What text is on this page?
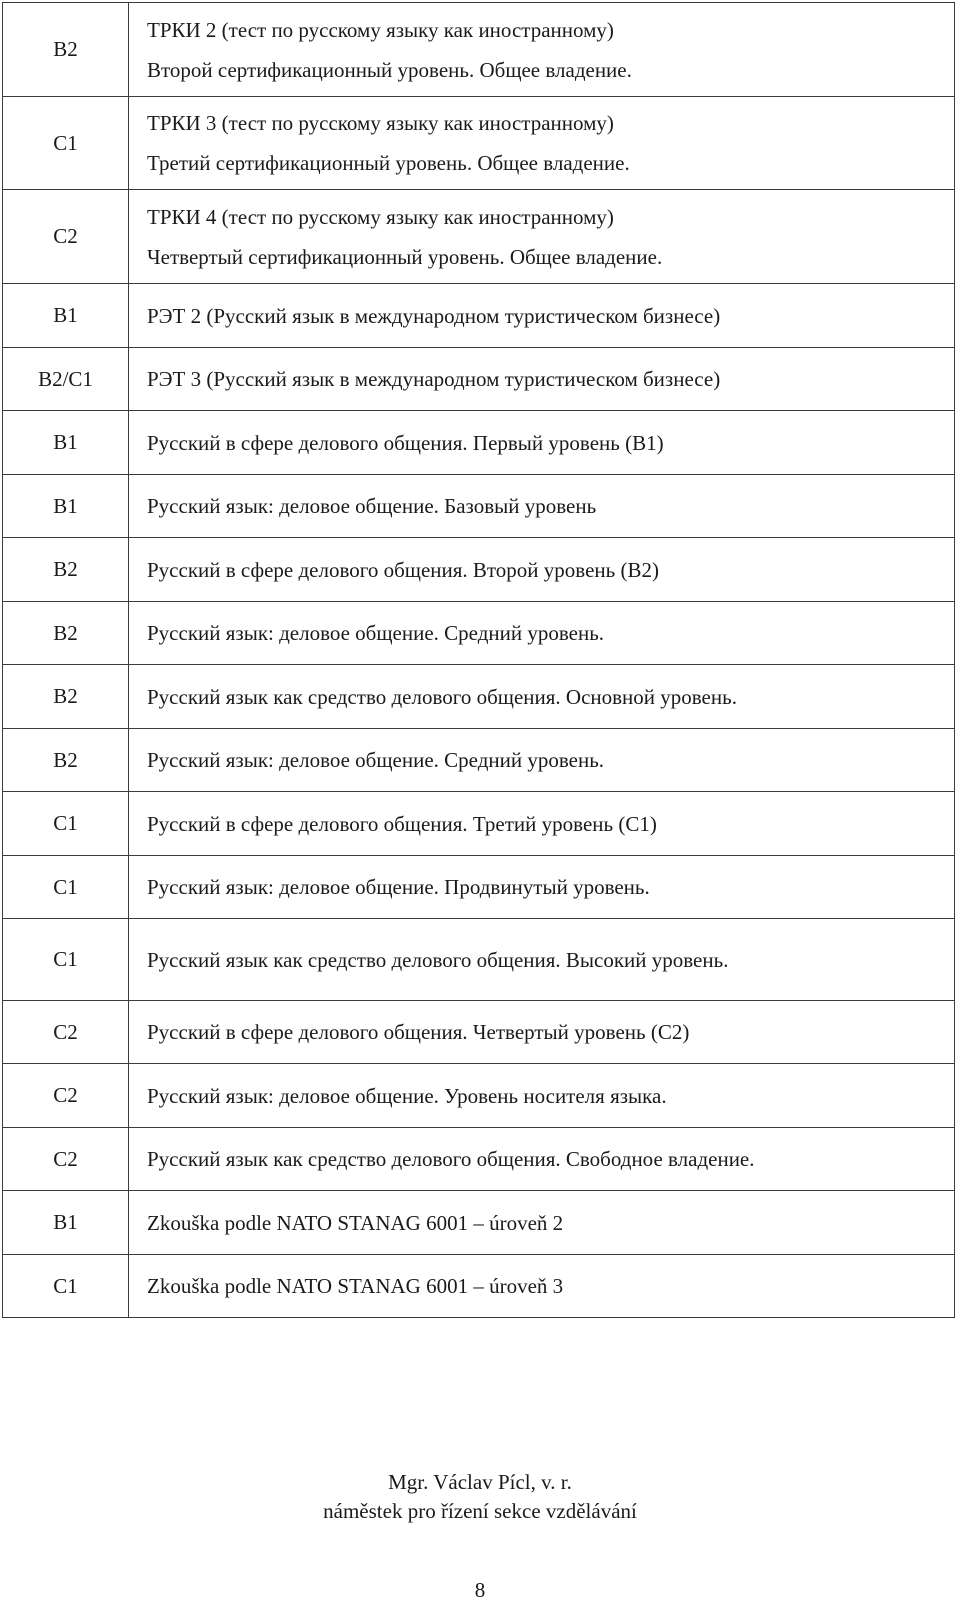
B2	ТРКИ 2 (тест по русскому языку как иностранному)
Второй сертификационный уровень. Общее владение.

C1	ТРКИ 3 (тест по русскому языку как иностранному)
Третий сертификационный уровень. Общее владение.

C2	ТРКИ 4 (тест по русскому языку как иностранному)
Четвертый сертификационный уровень. Общее владение.

B1	РЭТ 2 (Русский язык в международном туристическом бизнесе)

B2/C1	РЭТ 3 (Русский язык в международном туристическом бизнесе)

B1	Русский в сфере делового общения. Первый уровень (B1)

B1	Русский язык: деловое общение. Базовый уровень

B2	Русский в сфере делового общения. Второй уровень (B2)

B2	Русский язык: деловое общение. Средний уровень.

B2	Русский язык как средство делового общения. Основной уровень.

B2	Русский язык: деловое общение. Средний уровень.

C1	Русский в сфере делового общения. Третий уровень (C1)

C1	Русский язык: деловое общение. Продвинутый уровень.

C1	Русский язык как средство делового общения. Высокий уровень.

C2	Русский в сфере делового общения. Четвертый уровень (C2)

C2	Русский язык: деловое общение. Уровень носителя языка.

C2	Русский язык как средство делового общения. Свободное владение.

B1	Zkouška podle NATO STANAG 6001 – úroveň 2

C1	Zkouška podle NATO STANAG 6001 – úroveň 3
Mgr. Václav Pícl, v. r.
náměstek pro řízení sekce vzdělávání
8
